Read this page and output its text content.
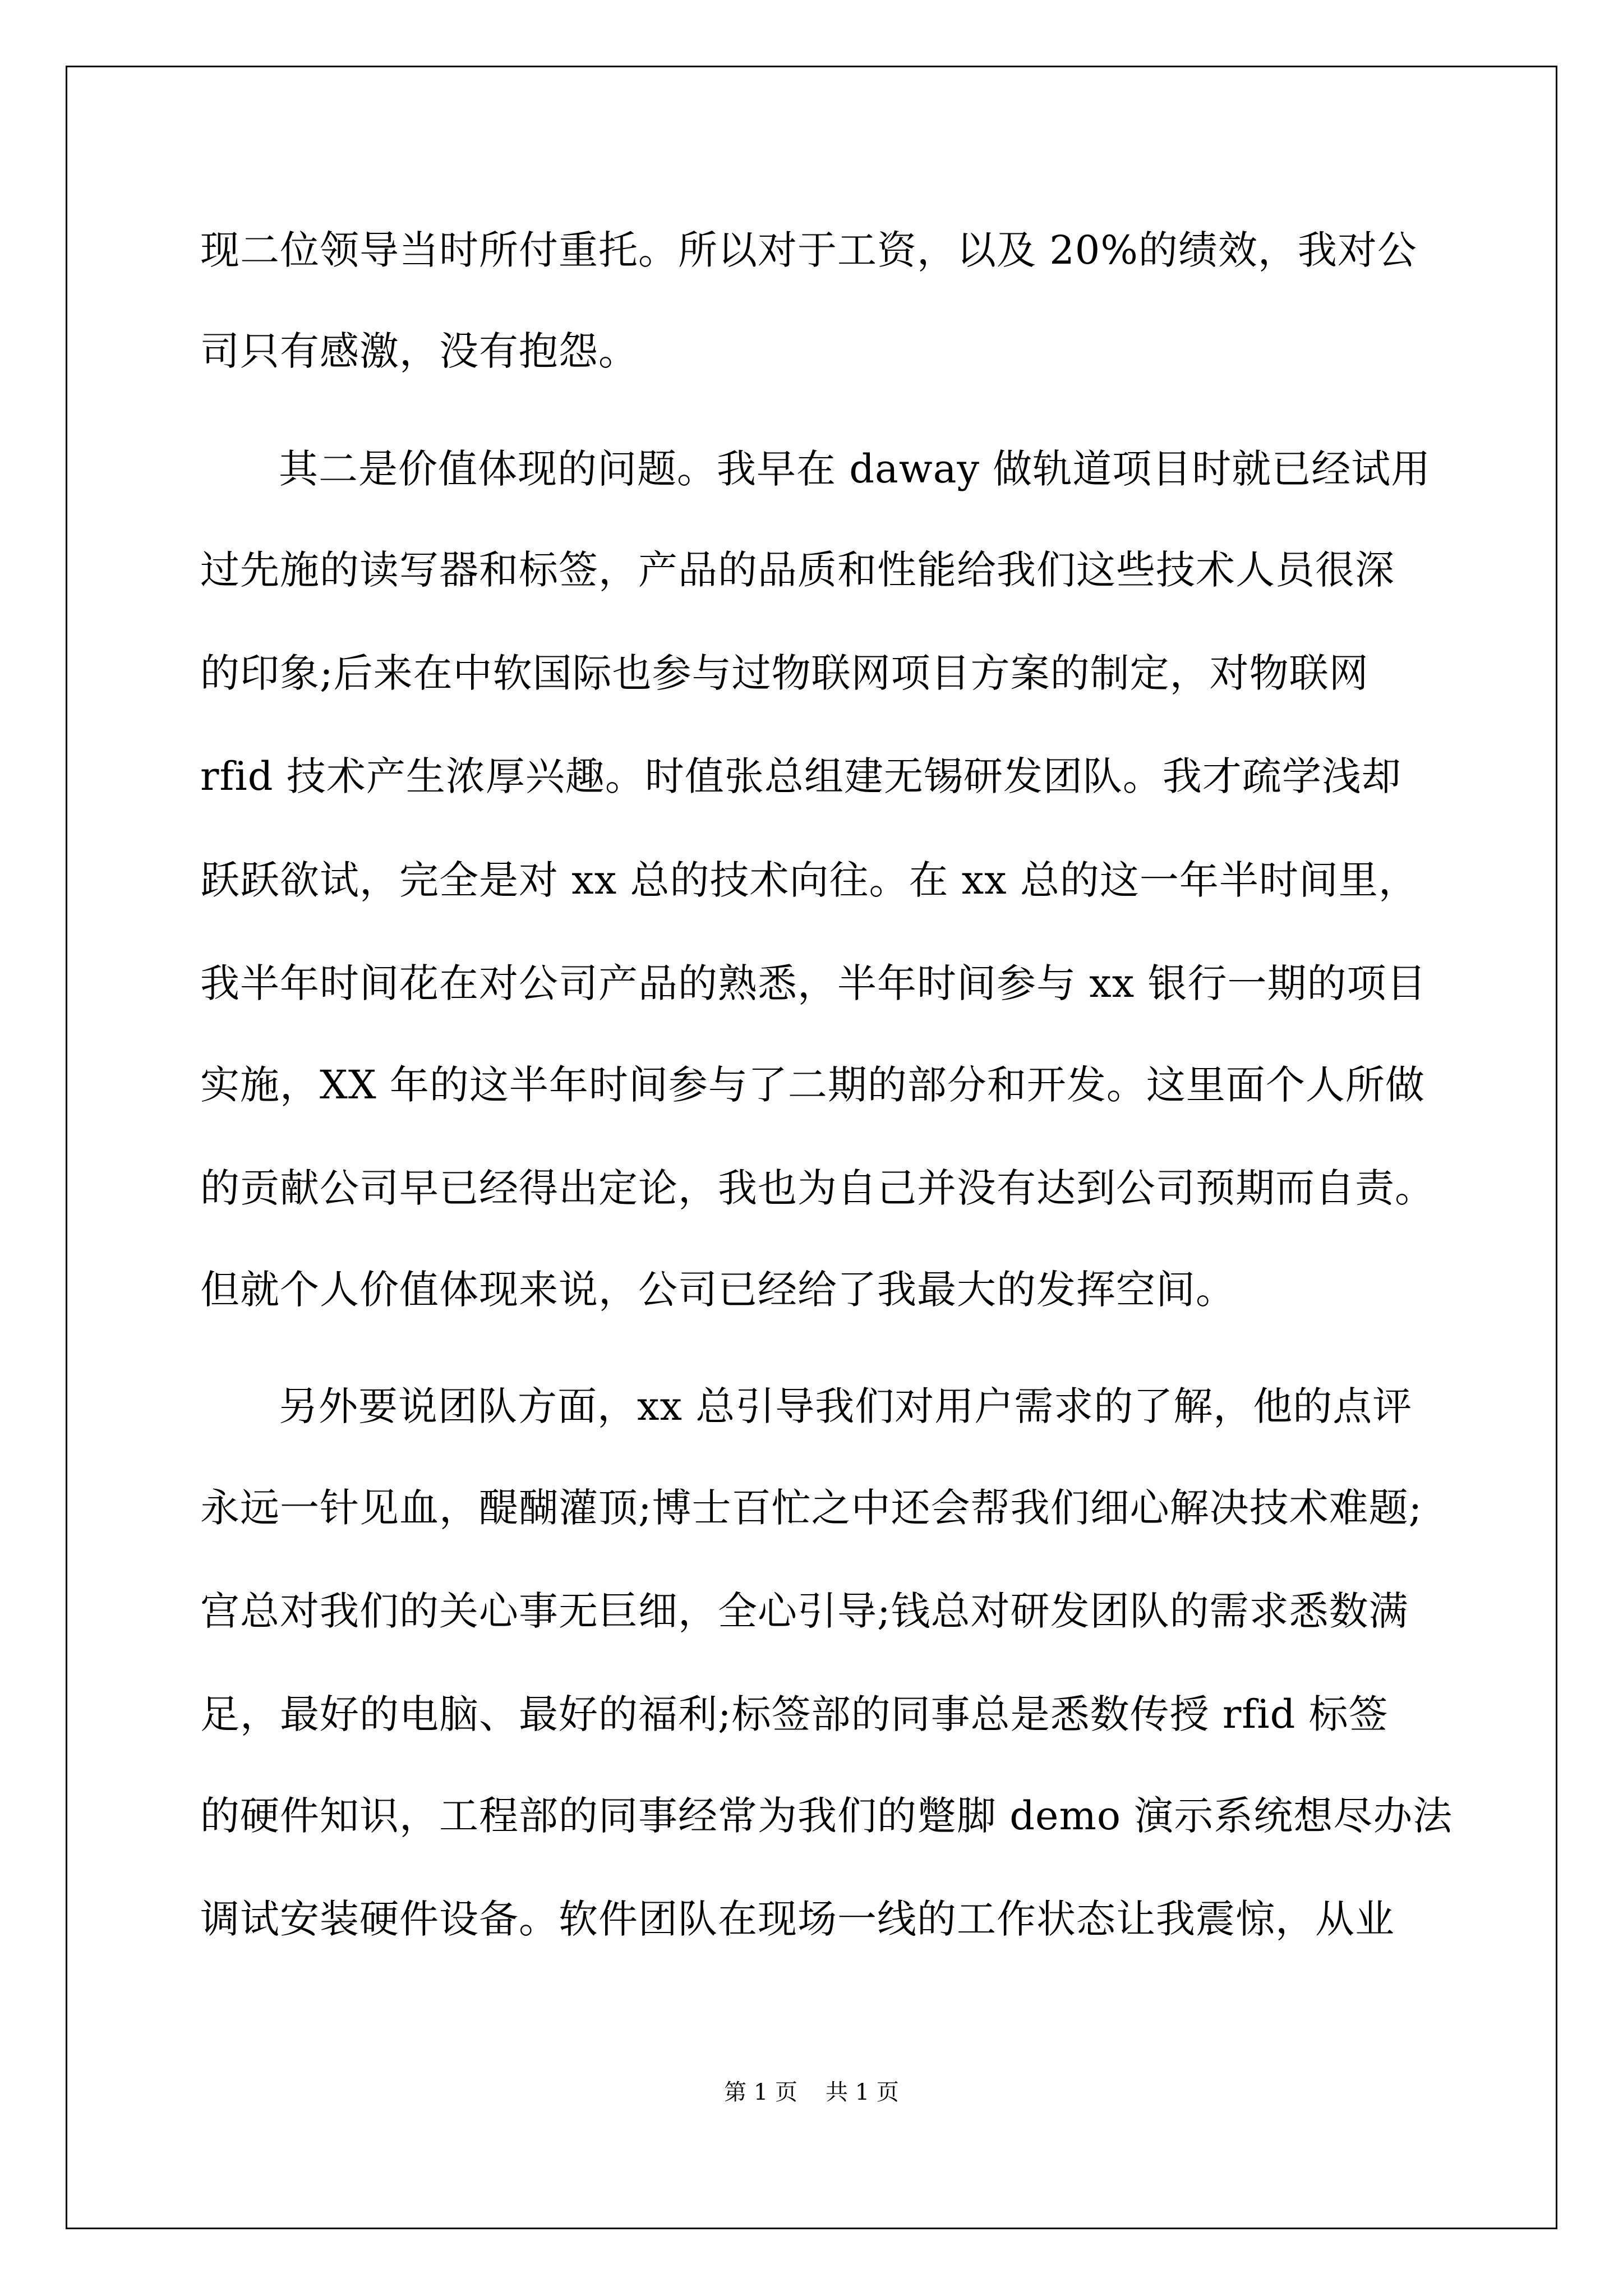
现二位领导当时所付重托。所以对于工资，以及 20%的绩效，我对公
司只有感激，没有抱怨。
其二是价值体现的问题。我早在 daway 做轨道项目时就已经试用
过先施的读写器和标签，产品的品质和性能给我们这些技术人员很深
的印象;后来在中软国际也参与过物联网项目方案的制定，对物联网
rfid 技术产生浓厚兴趣。时值张总组建无锡研发团队。我才疏学浅却
跃跃欲试，完全是对 xx 总的技术向往。在 xx 总的这一年半时间里，
我半年时间花在对公司产品的熟悉，半年时间参与 xx 银行一期的项目
实施，XX 年的这半年时间参与了二期的部分和开发。这里面个人所做
的贡献公司早已经得出定论，我也为自己并没有达到公司预期而自责。
但就个人价值体现来说，公司已经给了我最大的发挥空间。
另外要说团队方面，xx 总引导我们对用户需求的了解，他的点评
永远一针见血，醍醐灌顶;博士百忙之中还会帮我们细心解决技术难题;
宫总对我们的关心事无巨细，全心引导;钱总对研发团队的需求悉数满
足，最好的电脑、最好的福利;标签部的同事总是悉数传授 rfid 标签
的硬件知识，工程部的同事经常为我们的蹩脚 demo 演示系统想尽办法
调试安装硬件设备。软件团队在现场一线的工作状态让我震惊，从业
第 1 页 共 1 页
